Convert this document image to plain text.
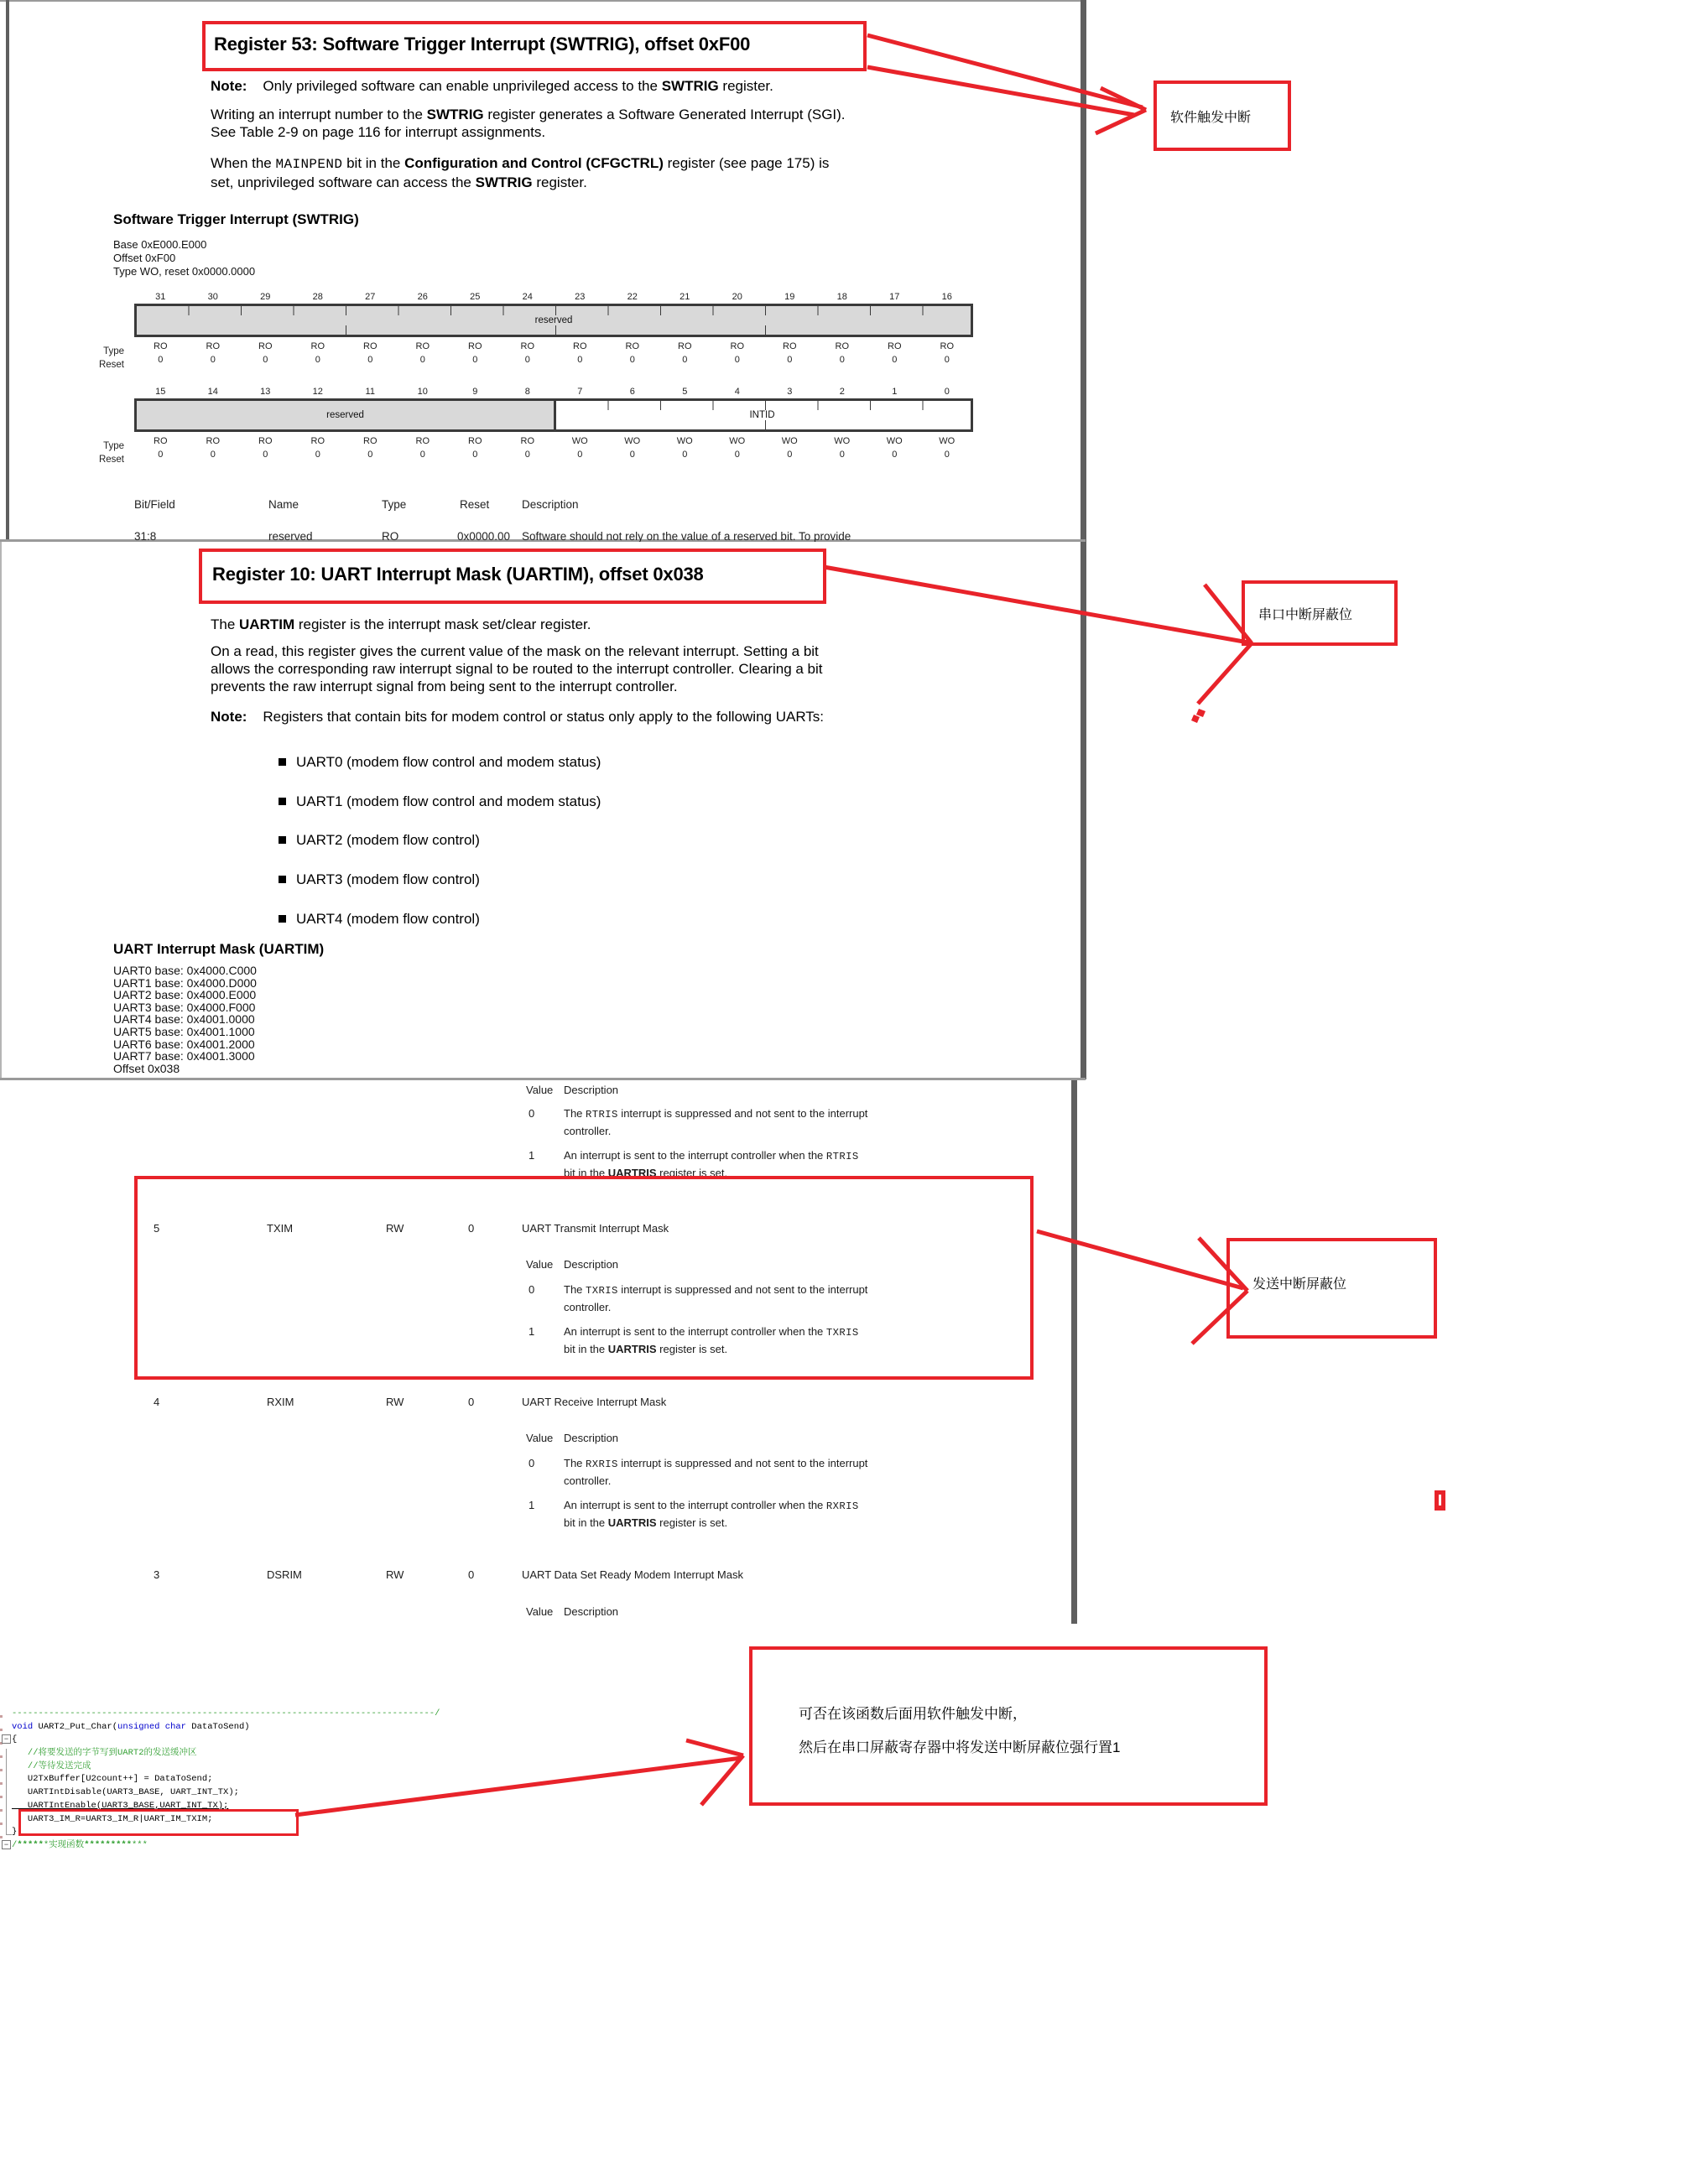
Register 53: Software Trigger Interrupt (SWTRIG), offset 0xF00
Note:    Only privileged software can enable unprivileged access to the SWTRIG register.
Writing an interrupt number to the SWTRIG register generates a Software Generated Interrupt (SGI).
See Table 2-9 on page 116 for interrupt assignments.
When the MAINPEND bit in the Configuration and Control (CFGCTRL) register (see page 175) is
set, unprivileged software can access the SWTRIG register.
Software Trigger Interrupt (SWTRIG)
Base 0xE000.E000
Offset 0xF00
Type WO, reset 0x0000.0000
31	30	29	28	27	26	25	24	23	22	21	20	19	18	17	16
reserved
RO	RO	RO	RO	RO	RO	RO	RO	RO	RO	RO	RO	RO	RO	RO	RO
0	0	0	0	0	0	0	0	0	0	0	0	0	0	0	0
Type
Reset
15	14	13	12	11	10	9	8	7	6	5	4	3	2	1	0
reserved	INTID
RO	RO	RO	RO	RO	RO	RO	RO	WO	WO	WO	WO	WO	WO	WO	WO
0	0	0	0	0	0	0	0	0	0	0	0	0	0	0	0
Type
Reset
Bit/Field	Name	Type	Reset	Description
31:8	reserved	RO	0x0000.00 Software should not rely on the value of a reserved bit. To provide
Register 10: UART Interrupt Mask (UARTIM), offset 0x038
The UARTIM register is the interrupt mask set/clear register.
On a read, this register gives the current value of the mask on the relevant interrupt. Setting a bit
allows the corresponding raw interrupt signal to be routed to the interrupt controller. Clearing a bit
prevents the raw interrupt signal from being sent to the interrupt controller.
Note:    Registers that contain bits for modem control or status only apply to the following UARTs:
UART0 (modem flow control and modem status)
UART1 (modem flow control and modem status)
UART2 (modem flow control)
UART3 (modem flow control)
UART4 (modem flow control)
UART Interrupt Mask (UARTIM)
UART0 base: 0x4000.C000
UART1 base: 0x4000.D000
UART2 base: 0x4000.E000
UART3 base: 0x4000.F000
UART4 base: 0x4001.0000
UART5 base: 0x4001.1000
UART6 base: 0x4001.2000
UART7 base: 0x4001.3000
Offset 0x038
Value Description
0	The RTRIS interrupt is suppressed and not sent to the interrupt
controller.
1	An interrupt is sent to the interrupt controller when the RTRIS
bit in the UARTRIS register is set.
5	TXIM	RW	0	UART Transmit Interrupt Mask
Value Description
0	The TXRIS interrupt is suppressed and not sent to the interrupt
controller.
1	An interrupt is sent to the interrupt controller when the TXRIS
bit in the UARTRIS register is set.
4	RXIM	RW	0	UART Receive Interrupt Mask
Value Description
0	The RXRIS interrupt is suppressed and not sent to the interrupt
controller.
1	An interrupt is sent to the interrupt controller when the RXRIS
bit in the UARTRIS register is set.
3	DSRIM	RW	0	UART Data Set Ready Modem Interrupt Mask
Value Description
软件触发中断
串口中断屏蔽位
发送中断屏蔽位
可否在该函数后面用软件触发中断，
然后在串口屏蔽寄存器中将发送中断屏蔽位强行置1
−
−
--------------------------------------------------------------------------------/
void UART2_Put_Char(unsigned char DataToSend)
{
//将要发送的字节写到UART2的发送缓冲区
//等待发送完成
U2TxBuffer[U2count++] = DataToSend;
UARTIntDisable(UART3_BASE, UART_INT_TX);
UARTIntEnable(UART3_BASE,UART_INT_TX);
UART3_IM_R=UART3_IM_R|UART_IM_TXIM;
}
/******实现函数************
